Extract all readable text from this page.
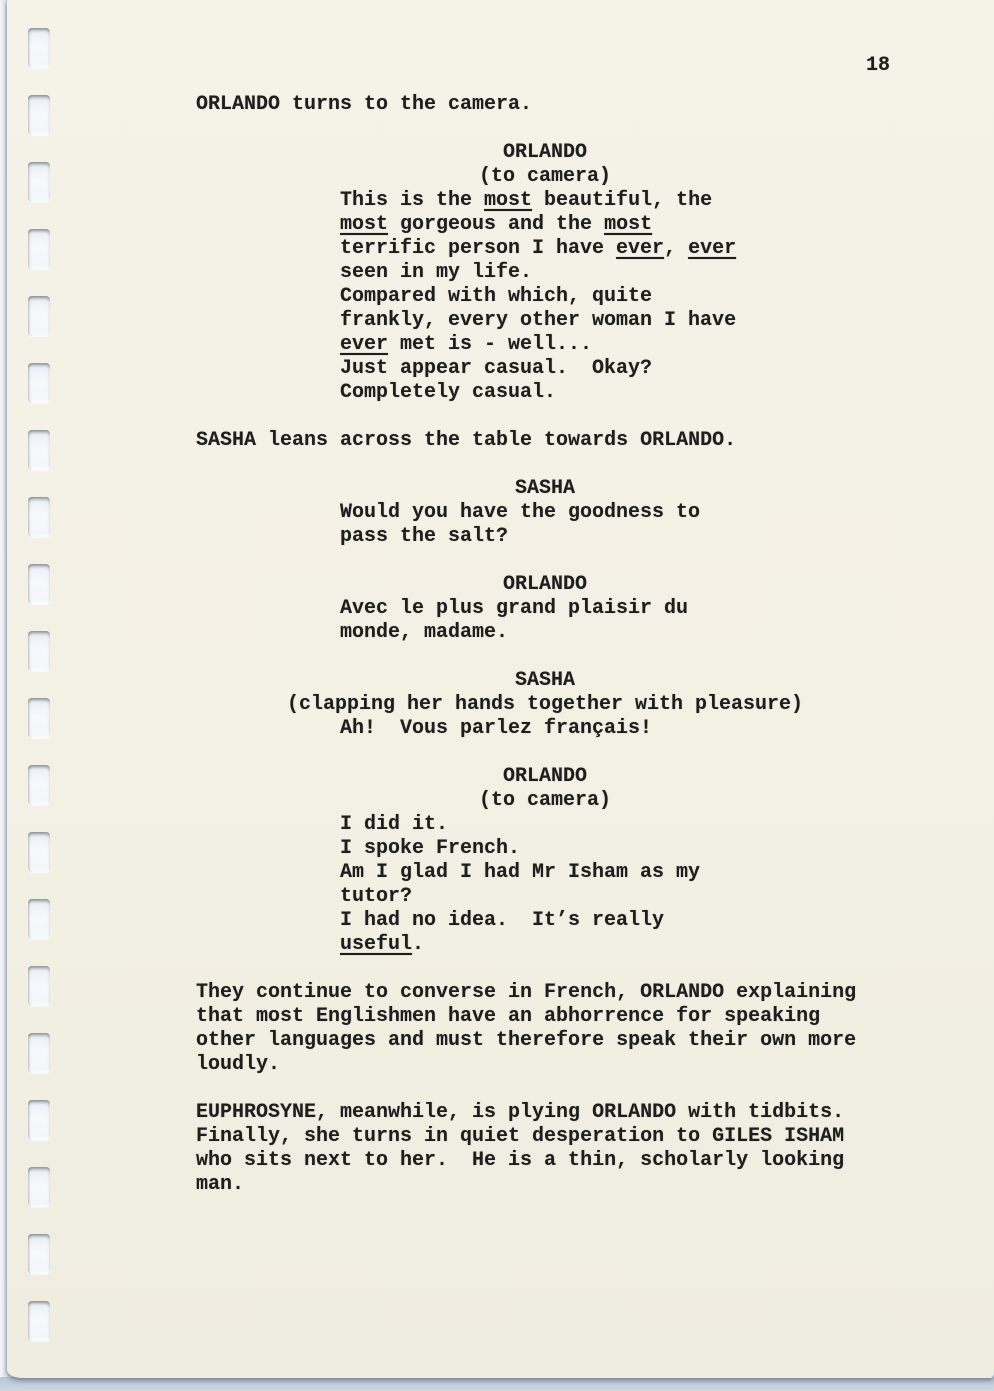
18
ORLANDO turns to the camera.
ORLANDO
(to camera)
This is the most beautiful, the
most gorgeous and the most
terrific person I have ever, ever
seen in my life.
Compared with which, quite
frankly, every other woman I have
ever met is - well...
Just appear casual.  Okay?
Completely casual.
SASHA leans across the table towards ORLANDO.
SASHA
Would you have the goodness to
pass the salt?
ORLANDO
Avec le plus grand plaisir du
monde, madame.
SASHA
(clapping her hands together with pleasure)
Ah!  Vous parlez français!
ORLANDO
(to camera)
I did it.
I spoke French.
Am I glad I had Mr Isham as my
tutor?
I had no idea.  It’s really
useful.
They continue to converse in French, ORLANDO explaining
that most Englishmen have an abhorrence for speaking
other languages and must therefore speak their own more
loudly.
EUPHROSYNE, meanwhile, is plying ORLANDO with tidbits.
Finally, she turns in quiet desperation to GILES ISHAM
who sits next to her.  He is a thin, scholarly looking
man.
